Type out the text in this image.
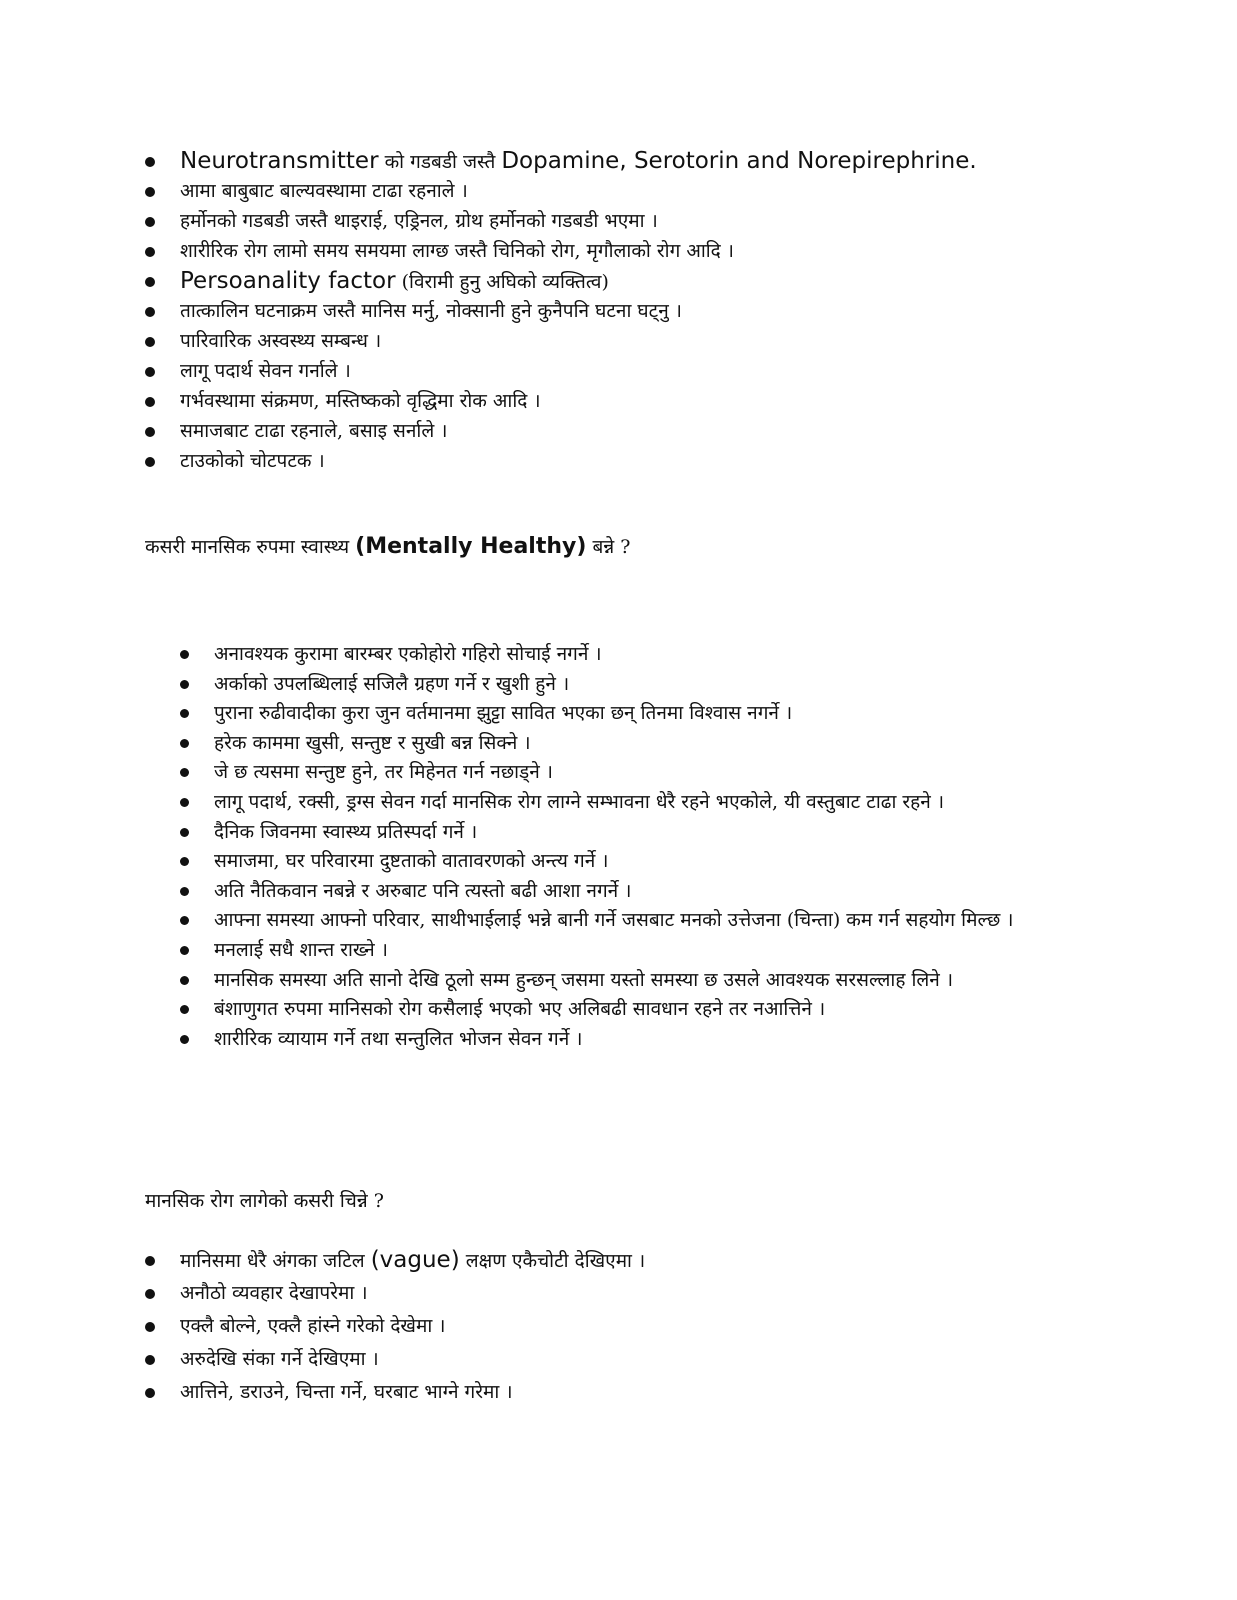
Neurotransmitter को गडबडी जस्तै Dopamine, Serotorin and Norepirephrine.
आमा बाबुबाट बाल्यवस्थामा टाढा रहनाले ।
हर्मोनको गडबडी जस्तै थाइराई, एड्रिनल, ग्रोथ हर्मोनको गडबडी भएमा ।
शारीरिक रोग लामो समय समयमा लाग्छ जस्तै चिनिको रोग, मृगौलाको रोग आदि ।
Persoanality factor (विरामी हुनु अघिको व्यक्तित्व)
तात्कालिन घटनाक्रम जस्तै मानिस मर्नु, नोक्सानी हुने कुनैपनि घटना घट्नु ।
पारिवारिक अस्वस्थ्य सम्बन्ध ।
लागू पदार्थ सेवन गर्नाले ।
गर्भवस्थामा संक्रमण, मस्तिष्कको वृद्धिमा रोक आदि ।
समाजबाट टाढा रहनाले, बसाइ सर्नाले ।
टाउकोको चोटपटक ।
कसरी मानसिक रुपमा स्वास्थ्य (Mentally Healthy) बन्ने ?
अनावश्यक कुरामा बारम्बर एकोहोरो गहिरो सोचाई नगर्ने ।
अर्काको उपलब्धिलाई सजिलै ग्रहण गर्ने र खुशी हुने ।
पुराना रुढीवादीका कुरा जुन वर्तमानमा झुट्टा सावित भएका छन् तिनमा विश्वास नगर्ने ।
हरेक काममा खुसी, सन्तुष्ट र सुखी बन्न सिक्ने ।
जे छ त्यसमा सन्तुष्ट हुने, तर मिहेनत गर्न नछाड्ने ।
लागू पदार्थ, रक्सी, ड्रग्स सेवन गर्दा मानसिक रोग लाग्ने सम्भावना धेरै रहने भएकोले, यी वस्तुबाट टाढा रहने ।
दैनिक जिवनमा स्वास्थ्य प्रतिस्पर्दा गर्ने ।
समाजमा, घर परिवारमा दुष्टताको वातावरणको अन्त्य गर्ने ।
अति नैतिकवान नबन्ने र अरुबाट पनि त्यस्तो बढी आशा नगर्ने ।
आफ्ना समस्या आफ्नो परिवार, साथीभाईलाई भन्ने बानी गर्ने जसबाट मनको उत्तेजना (चिन्ता) कम गर्न सहयोग मिल्छ ।
मनलाई सधै शान्त राख्ने ।
मानसिक समस्या अति सानो देखि ठूलो सम्म हुन्छन् जसमा यस्तो समस्या छ उसले आवश्यक सरसल्लाह लिने ।
बंशाणुगत रुपमा मानिसको रोग कसैलाई भएको भए अलिबढी सावधान रहने तर नआत्तिने ।
शारीरिक व्यायाम गर्ने तथा सन्तुलित भोजन सेवन गर्ने ।
मानसिक रोग लागेको कसरी चिन्ने ?
मानिसमा धेरै अंगका जटिल (vague) लक्षण एकैचोटी देखिएमा ।
अनौठो व्यवहार देखापरेमा ।
एक्लै बोल्ने, एक्लै हांस्ने गरेको देखेमा ।
अरुदेखि संका गर्ने देखिएमा ।
आत्तिने, डराउने, चिन्ता गर्ने, घरबाट भाग्ने गरेमा ।
